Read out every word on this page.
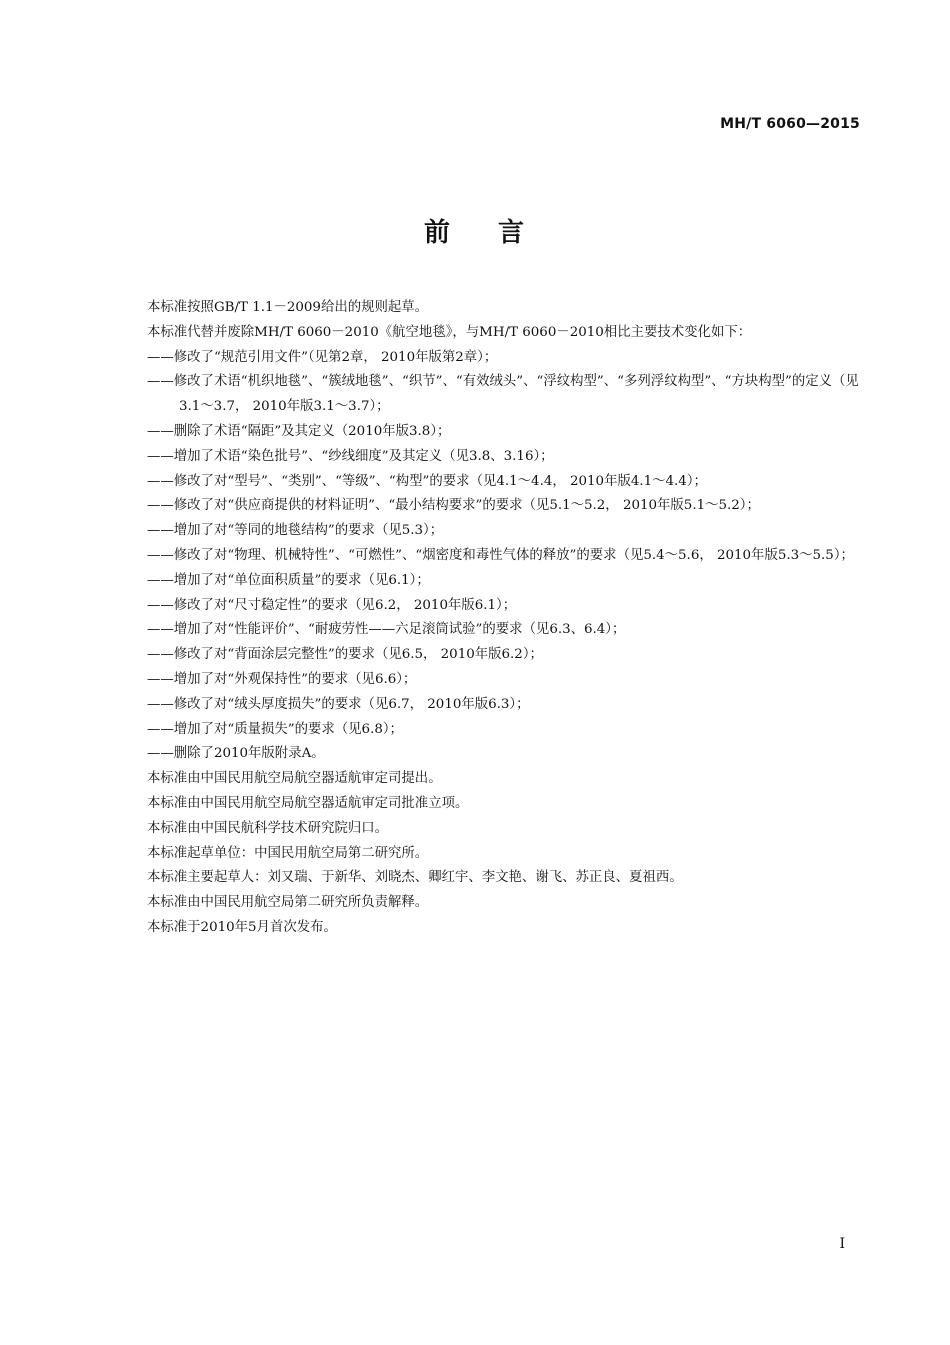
MH/T 6060—2015
前 言

本标准按照GB/T 1.1－2009给出的规则起草。

本标准代替并废除MH/T 6060－2010《航空地毯》，与MH/T 6060－2010相比主要技术变化如下：

——修改了“规范引用文件”（见第2章， 2010年版第2章）；

——修改了术语“机织地毯”、“簇绒地毯”、“织节”、“有效绒头”、“浮纹构型”、“多列浮纹构型”、“方块构型”的定义（见3.1～3.7， 2010年版3.1～3.7）；

——删除了术语“隔距”及其定义（2010年版3.8）；

——增加了术语“染色批号”、“纱线细度”及其定义（见3.8、3.16）；

——修改了对“型号”、“类别”、“等级”、“构型”的要求（见4.1～4.4， 2010年版4.1～4.4）；

——修改了对“供应商提供的材料证明”、“最小结构要求”的要求（见5.1～5.2， 2010年版5.1～5.2）；

——增加了对“等同的地毯结构”的要求（见5.3）；

——修改了对“物理、机械特性”、“可燃性”、“烟密度和毒性气体的释放”的要求（见5.4～5.6， 2010年版5.3～5.5）；

——增加了对“单位面积质量”的要求（见6.1）；

——修改了对“尺寸稳定性”的要求（见6.2， 2010年版6.1）；

——增加了对“性能评价”、“耐疲劳性——六足滚筒试验”的要求（见6.3、6.4）；

——修改了对“背面涂层完整性”的要求（见6.5， 2010年版6.2）；

——增加了对“外观保持性”的要求（见6.6）；

——修改了对“绒头厚度损失”的要求（见6.7， 2010年版6.3）；

——增加了对“质量损失”的要求（见6.8）；

——删除了2010年版附录A。

本标准由中国民用航空局航空器适航审定司提出。

本标准由中国民用航空局航空器适航审定司批准立项。

本标准由中国民航科学技术研究院归口。

本标准起草单位：中国民用航空局第二研究所。

本标准主要起草人：刘又瑞、于新华、刘晓杰、卿红宇、李文艳、谢飞、苏正良、夏祖西。

本标准由中国民用航空局第二研究所负责解释。

本标准于2010年5月首次发布。

I
